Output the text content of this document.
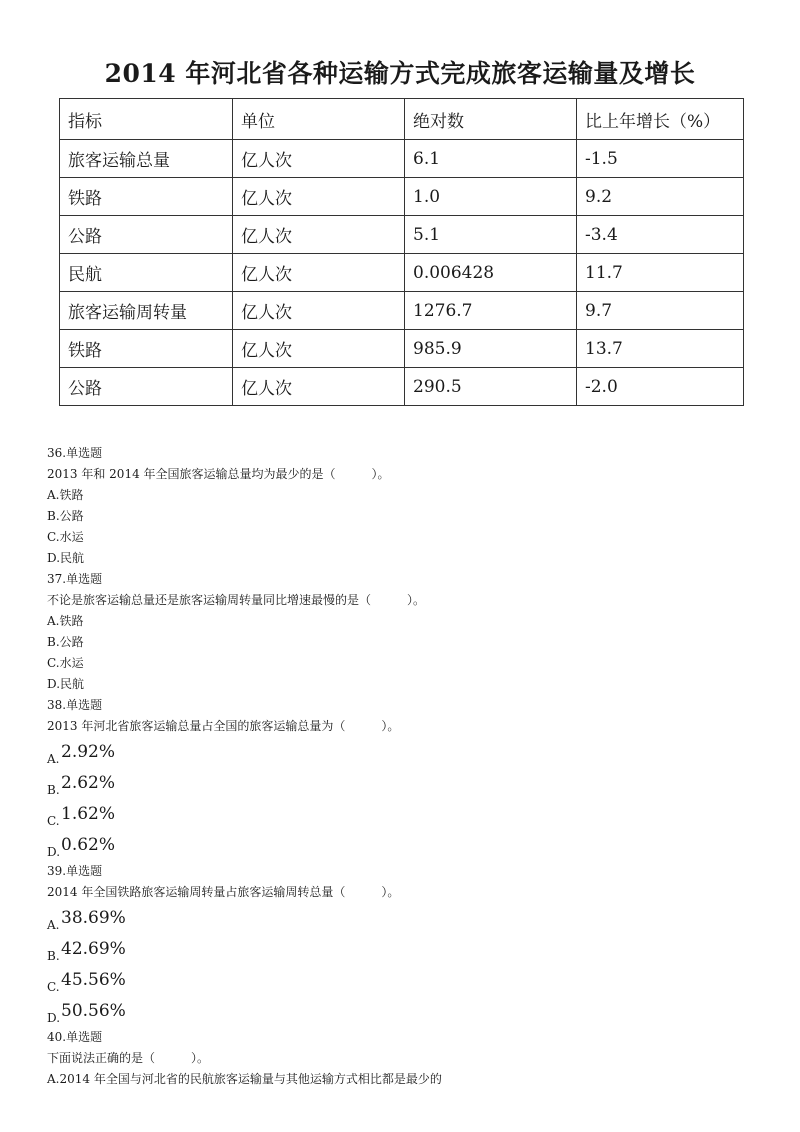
2014 年河北省各种运输方式完成旅客运输量及增长
指标	单位	绝对数	比上年增长（%）
旅客运输总量	亿人次	6.1	-1.5
铁路	亿人次	1.0	9.2
公路	亿人次	5.1	-3.4
民航	亿人次	0.006428	11.7
旅客运输周转量	亿人次	1276.7	9.7
铁路	亿人次	985.9	13.7
公路	亿人次	290.5	-2.0
36.单选题
2013 年和 2014 年全国旅客运输总量均为最少的是（　　　）。
A.铁路
B.公路
C.水运
D.民航
37.单选题
不论是旅客运输总量还是旅客运输周转量同比增速最慢的是（　　　）。
A.铁路
B.公路
C.水运
D.民航
38.单选题
2013 年河北省旅客运输总量占全国的旅客运输总量为（　　　）。
A. 2.92%
B. 2.62%
C. 1.62%
D. 0.62%
39.单选题
2014 年全国铁路旅客运输周转量占旅客运输周转总量（　　　）。
A. 38.69%
B. 42.69%
C. 45.56%
D. 50.56%
40.单选题
下面说法正确的是（　　　）。
A.2014 年全国与河北省的民航旅客运输量与其他运输方式相比都是最少的
